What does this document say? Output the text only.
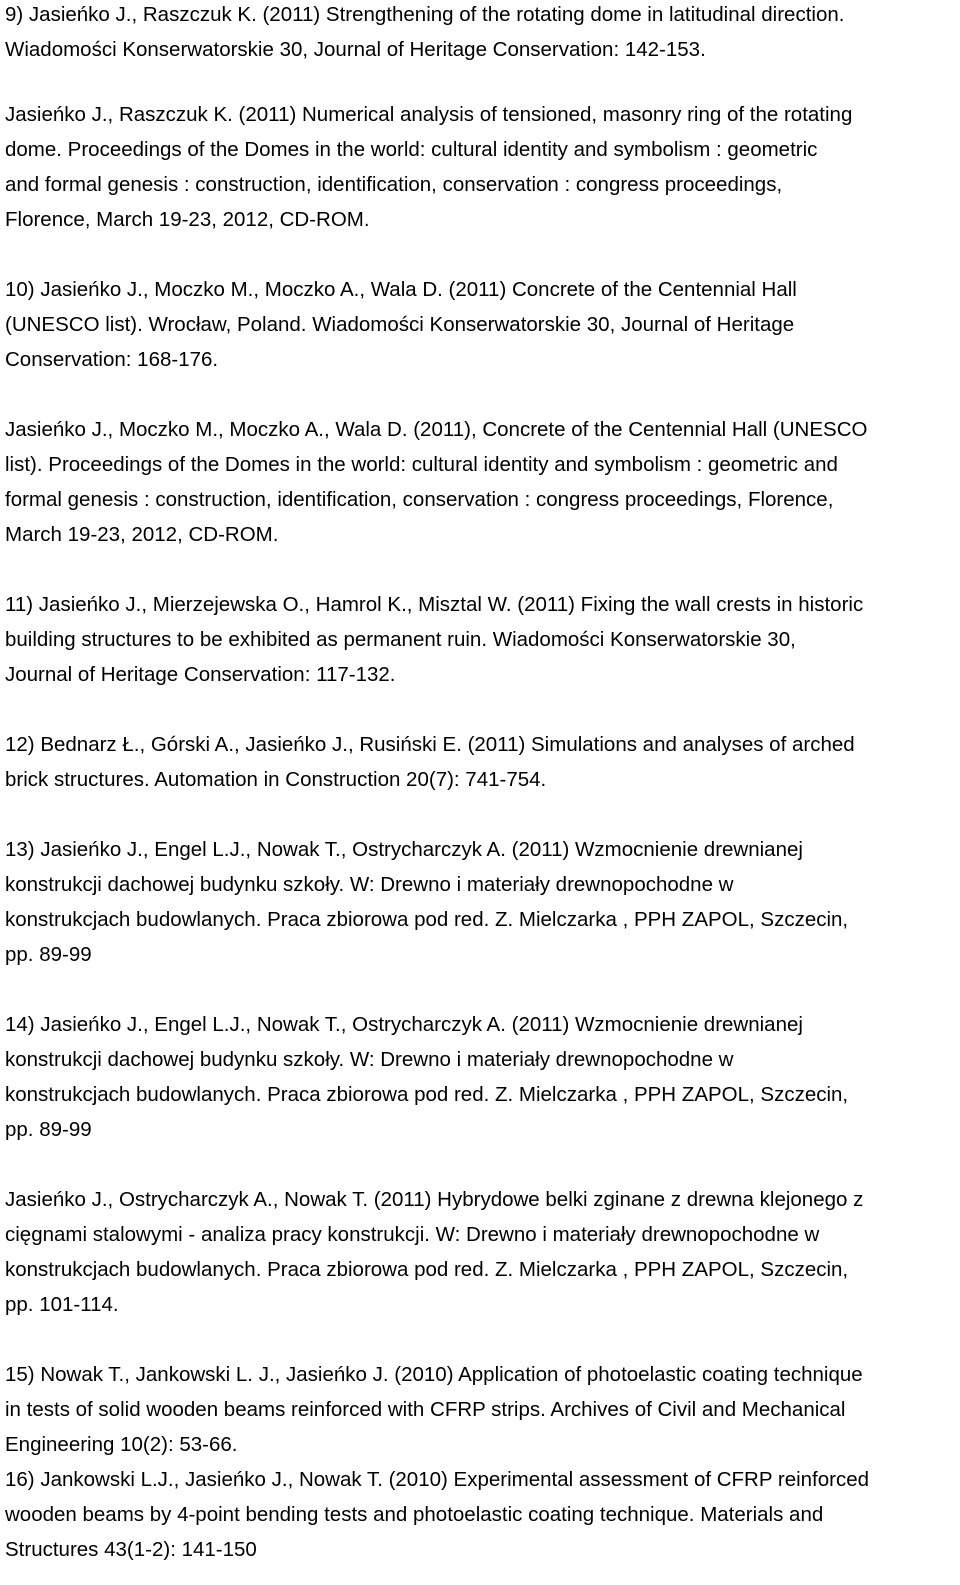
9) Jasieńko J., Raszczuk K. (2011) Strengthening of the rotating dome in latitudinal direction.
Wiadomości Konserwatorskie 30, Journal of Heritage Conservation: 142-153.
Jasieńko J., Raszczuk K. (2011) Numerical analysis of tensioned, masonry ring of the rotating
dome. Proceedings of the Domes in the world: cultural identity and symbolism : geometric
and formal genesis : construction, identification, conservation : congress proceedings,
Florence, March 19-23, 2012, CD-ROM.
10) Jasieńko J., Moczko M., Moczko A., Wala D. (2011) Concrete of the Centennial Hall
(UNESCO list). Wrocław, Poland. Wiadomości Konserwatorskie 30, Journal of Heritage
Conservation: 168-176.
Jasieńko J., Moczko M., Moczko A., Wala D. (2011), Concrete of the Centennial Hall (UNESCO
list). Proceedings of the Domes in the world: cultural identity and symbolism : geometric and
formal genesis : construction, identification, conservation : congress proceedings, Florence,
March 19-23, 2012, CD-ROM.
11) Jasieńko J., Mierzejewska O., Hamrol K., Misztal W. (2011) Fixing the wall crests in historic
building structures to be exhibited as permanent ruin. Wiadomości Konserwatorskie 30,
Journal of Heritage Conservation: 117-132.
12) Bednarz Ł., Górski A., Jasieńko J., Rusiński E. (2011) Simulations and analyses of arched
brick structures. Automation in Construction 20(7): 741-754.
13) Jasieńko J., Engel L.J., Nowak T., Ostrycharczyk A. (2011) Wzmocnienie drewnianej
konstrukcji dachowej budynku szkoły. W: Drewno i materiały drewnopochodne w
konstrukcjach budowlanych. Praca zbiorowa pod red. Z. Mielczarka , PPH ZAPOL, Szczecin,
pp. 89-99
14) Jasieńko J., Engel L.J., Nowak T., Ostrycharczyk A. (2011) Wzmocnienie drewnianej
konstrukcji dachowej budynku szkoły. W: Drewno i materiały drewnopochodne w
konstrukcjach budowlanych. Praca zbiorowa pod red. Z. Mielczarka , PPH ZAPOL, Szczecin,
pp. 89-99
Jasieńko J., Ostrycharczyk A., Nowak T. (2011) Hybrydowe belki zginane z drewna klejonego z
cięgnami stalowymi - analiza pracy konstrukcji. W: Drewno i materiały drewnopochodne w
konstrukcjach budowlanych. Praca zbiorowa pod red. Z. Mielczarka , PPH ZAPOL, Szczecin,
pp. 101-114.
15) Nowak T., Jankowski L. J., Jasieńko J. (2010) Application of photoelastic coating technique
in tests of solid wooden beams reinforced with CFRP strips. Archives of Civil and Mechanical
Engineering 10(2): 53-66.
16) Jankowski L.J., Jasieńko J., Nowak T. (2010) Experimental assessment of CFRP reinforced
wooden beams by 4-point bending tests and photoelastic coating technique. Materials and
Structures 43(1-2): 141-150
